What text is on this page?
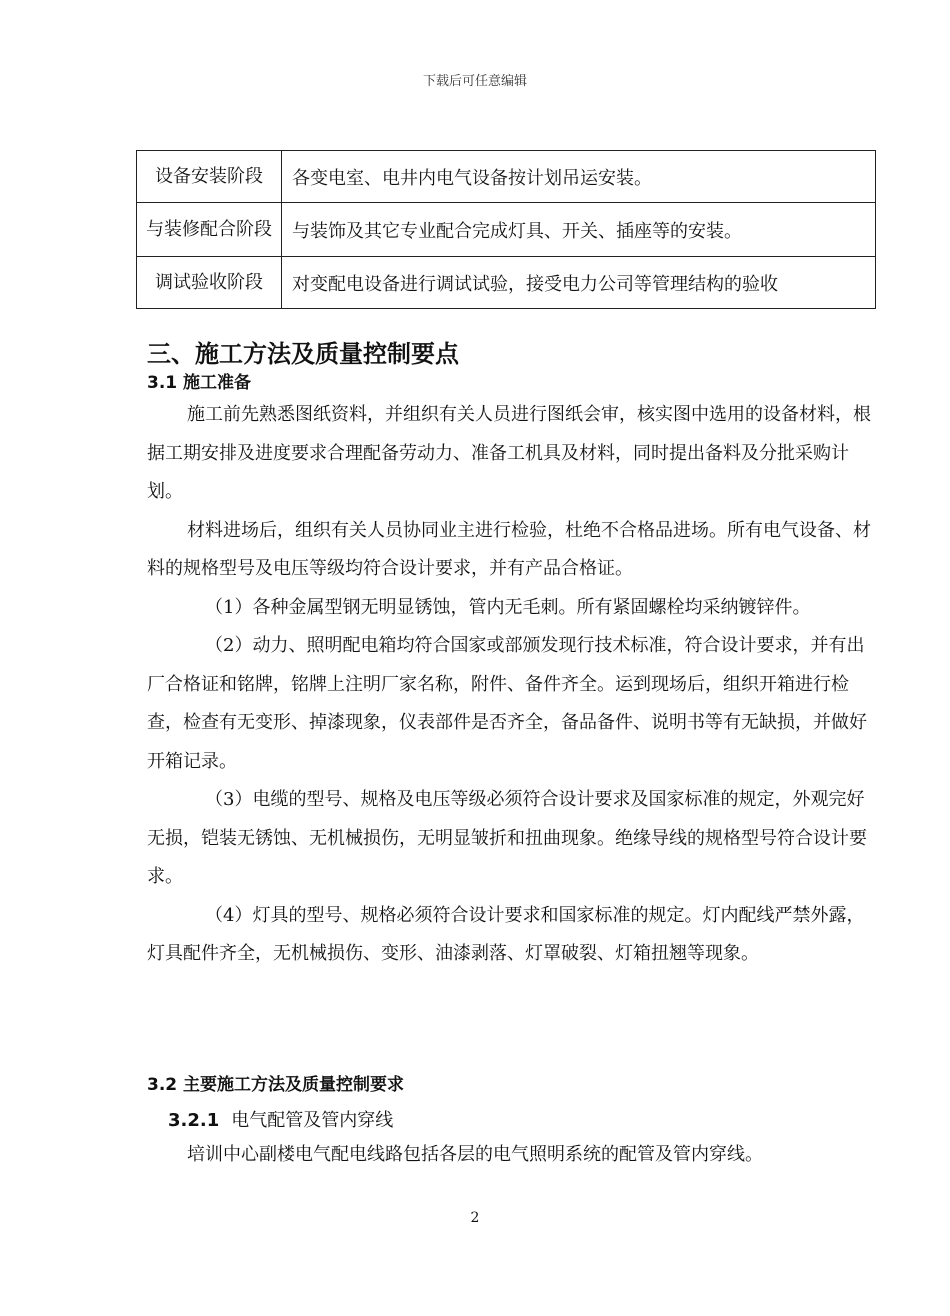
下载后可任意编辑
设备安装阶段	各变电室、电井内电气设备按计划吊运安装。
与装修配合阶段	与装饰及其它专业配合完成灯具、开关、插座等的安装。
调试验收阶段	对变配电设备进行调试试验，接受电力公司等管理结构的验收
三、施工方法及质量控制要点
3.1 施工准备

施工前先熟悉图纸资料，并组织有关人员进行图纸会审，核实图中选用的设备材料，根据工期安排及进度要求合理配备劳动力、准备工机具及材料，同时提出备料及分批采购计划。

材料进场后，组织有关人员协同业主进行检验，杜绝不合格品进场。所有电气设备、材料的规格型号及电压等级均符合设计要求，并有产品合格证。

（1）各种金属型钢无明显锈蚀，管内无毛刺。所有紧固螺栓均采纳镀锌件。

（2）动力、照明配电箱均符合国家或部颁发现行技术标准，符合设计要求，并有出厂合格证和铭牌，铭牌上注明厂家名称，附件、备件齐全。运到现场后，组织开箱进行检查，检查有无变形、掉漆现象，仪表部件是否齐全，备品备件、说明书等有无缺损，并做好开箱记录。

（3）电缆的型号、规格及电压等级必须符合设计要求及国家标准的规定，外观完好无损，铠装无锈蚀、无机械损伤，无明显皱折和扭曲现象。绝缘导线的规格型号符合设计要求。

（4）灯具的型号、规格必须符合设计要求和国家标准的规定。灯内配线严禁外露，灯具配件齐全，无机械损伤、变形、油漆剥落、灯罩破裂、灯箱扭翘等现象。

3.2 主要施工方法及质量控制要求
3.2.1 电气配管及管内穿线

培训中心副楼电气配电线路包括各层的电气照明系统的配管及管内穿线。

2
